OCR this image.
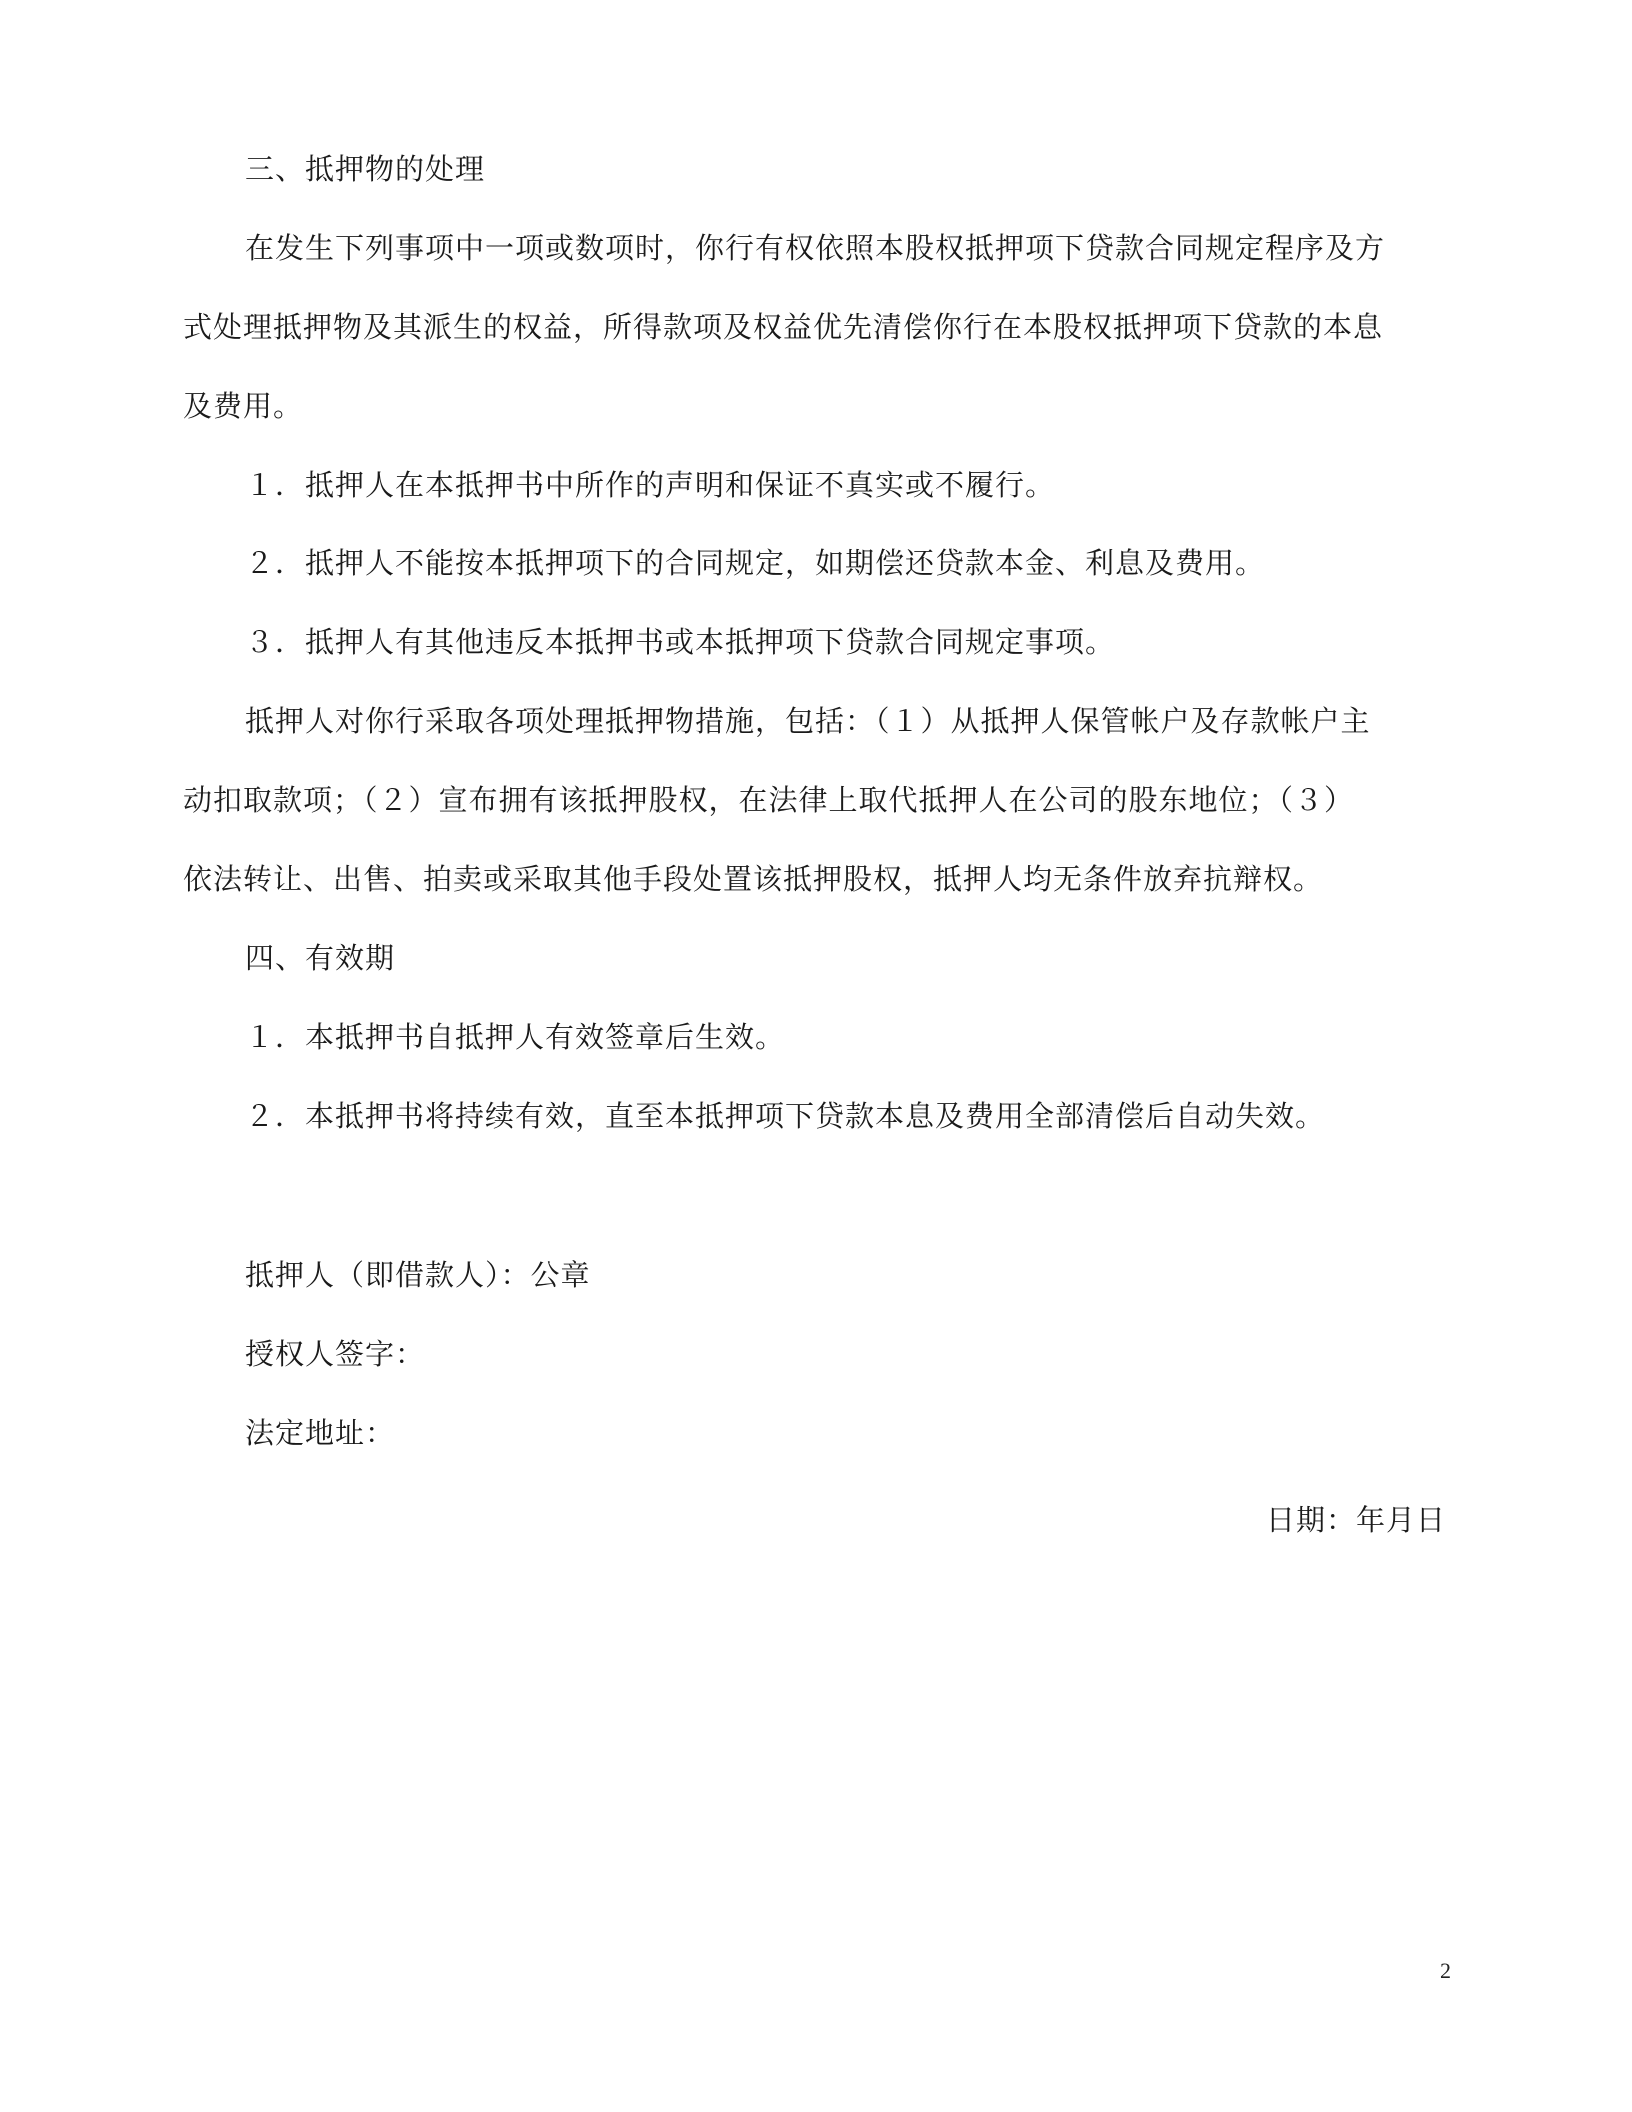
三、抵押物的处理
在发生下列事项中一项或数项时，你行有权依照本股权抵押项下贷款合同规定程序及方
式处理抵押物及其派生的权益，所得款项及权益优先清偿你行在本股权抵押项下贷款的本息
及费用。
１．抵押人在本抵押书中所作的声明和保证不真实或不履行。
２．抵押人不能按本抵押项下的合同规定，如期偿还贷款本金、利息及费用。
３．抵押人有其他违反本抵押书或本抵押项下贷款合同规定事项。
抵押人对你行采取各项处理抵押物措施，包括：（１）从抵押人保管帐户及存款帐户主
动扣取款项；（２）宣布拥有该抵押股权，在法律上取代抵押人在公司的股东地位；（３）
依法转让、出售、拍卖或采取其他手段处置该抵押股权，抵押人均无条件放弃抗辩权。
四、有效期
１．本抵押书自抵押人有效签章后生效。
２．本抵押书将持续有效，直至本抵押项下贷款本息及费用全部清偿后自动失效。
抵押人（即借款人）：公章
授权人签字：
法定地址：
日期：年月日
2
